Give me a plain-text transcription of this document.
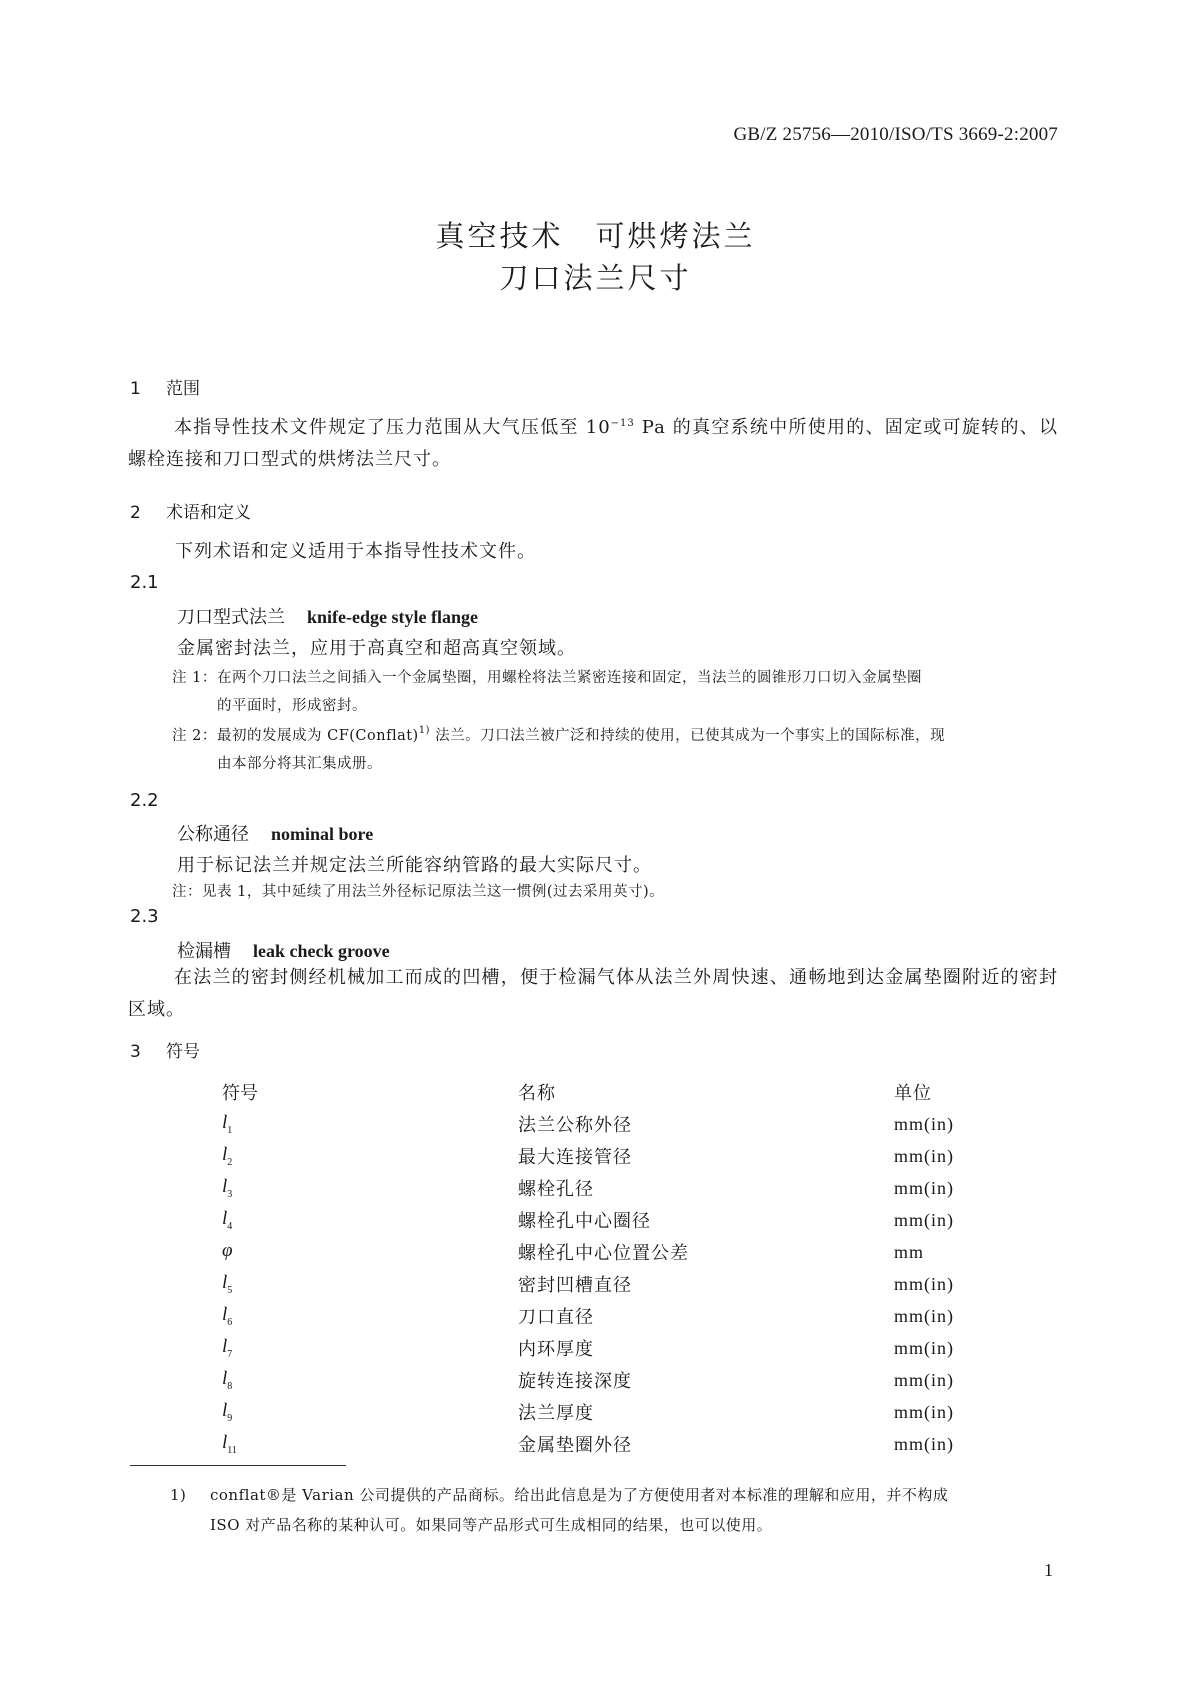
GB/Z 25756—2010/ISO/TS 3669-2:2007
真空技术　可烘烤法兰
刀口法兰尺寸
1 范围

本指导性技术文件规定了压力范围从大气压低至 $10^{-13}$ Pa 的真空系统中所使用的、固定或可旋转的、以螺栓连接和刀口型式的烘烤法兰尺寸。

2 术语和定义
下列术语和定义适用于本指导性技术文件。
2.1
刀口型式法兰 knife-edge style flange
金属密封法兰，应用于高真空和超高真空领域。
注 1：在两个刀口法兰之间插入一个金属垫圈，用螺栓将法兰紧密连接和固定，当法兰的圆锥形刀口切入金属垫圈
的平面时，形成密封。
注 2：最初的发展成为 CF(Conflat)$^{1)}$ 法兰。刀口法兰被广泛和持续的使用，已使其成为一个事实上的国际标准，现
由本部分将其汇集成册。
2.2
公称通径 nominal bore
用于标记法兰并规定法兰所能容纳管路的最大实际尺寸。
注：见表 1，其中延续了用法兰外径标记原法兰这一惯例(过去采用英寸)。
2.3
检漏槽 leak check groove

在法兰的密封侧经机械加工而成的凹槽，便于检漏气体从法兰外周快速、通畅地到达金属垫圈附近的密封区域。

3 符号
符号	名称	单位
$l_1$	法兰公称外径	mm(in)
$l_2$	最大连接管径	mm(in)
$l_3$	螺栓孔径	mm(in)
$l_4$	螺栓孔中心圈径	mm(in)
φ	螺栓孔中心位置公差	mm
$l_5$	密封凹槽直径	mm(in)
$l_6$	刀口直径	mm(in)
$l_7$	内环厚度	mm(in)
$l_8$	旋转连接深度	mm(in)
$l_9$	法兰厚度	mm(in)
$l_{11}$	金属垫圈外径	mm(in)
1) conflat®是 Varian 公司提供的产品商标。给出此信息是为了方便使用者对本标准的理解和应用，并不构成
ISO 对产品名称的某种认可。如果同等产品形式可生成相同的结果，也可以使用。
1
